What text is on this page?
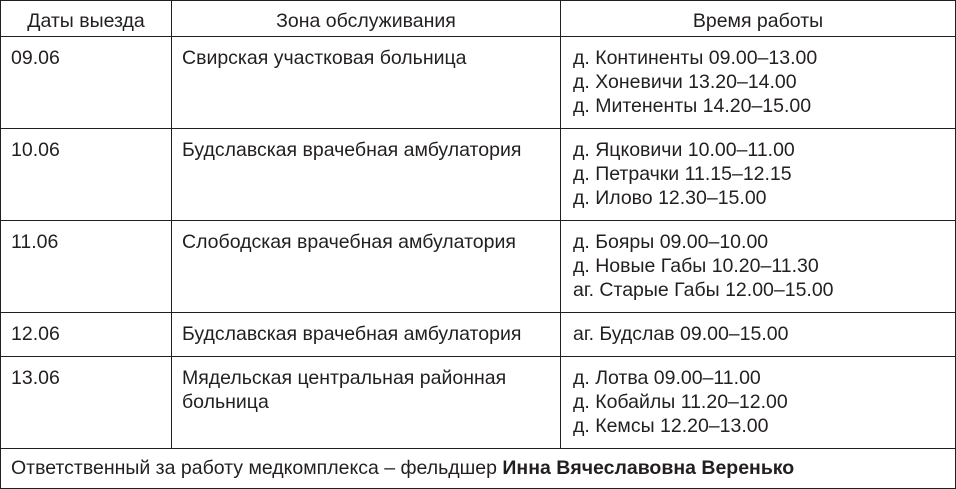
Даты выезда	Зона обслуживания	Время работы
09.06	Свирская участковая больница	д. Континенты 09.00–13.00
д. Хоневичи 13.20–14.00
д. Митененты 14.20–15.00

10.06	Будславская врачебная амбулатория	д. Яцковичи 10.00–11.00
д. Петрачки 11.15–12.15
д. Илово 12.30–15.00

11.06	Слободская врачебная амбулатория	д. Бояры 09.00–10.00
д. Новые Габы 10.20–11.30
аг. Старые Габы 12.00–15.00

12.06	Будславская врачебная амбулатория	аг. Будслав 09.00–15.00

13.06	Мядельская центральная районная больница	д. Лотва 09.00–11.00
д. Кобайлы 11.20–12.00
д. Кемсы 12.20–13.00

Ответственный за работу медкомплекса – фельдшер Инна Вячеславовна Веренько		
